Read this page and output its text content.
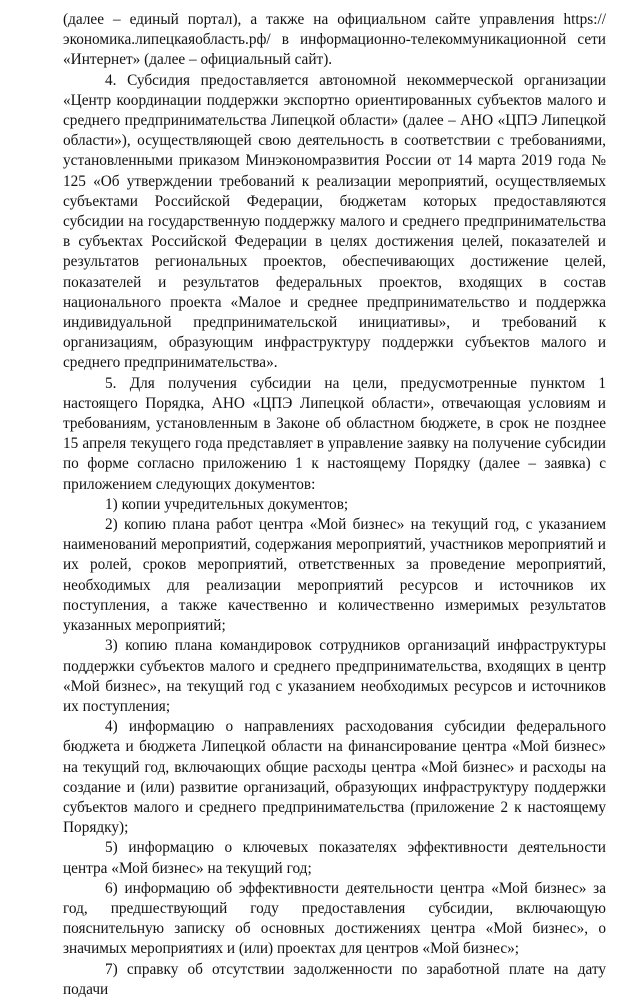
(далее – единый портал), а также на официальном сайте управления https://экономика.липецкаяобласть.рф/ в информационно-телекоммуникационной сети «Интернет» (далее – официальный сайт).

4. Субсидия предоставляется автономной некоммерческой организации «Центр координации поддержки экспортно ориентированных субъектов малого и среднего предпринимательства Липецкой области» (далее – АНО «ЦПЭ Липецкой области»), осуществляющей свою деятельность в соответствии с требованиями, установленными приказом Минэкономразвития России от 14 марта 2019 года № 125 «Об утверждении требований к реализации мероприятий, осуществляемых субъектами Российской Федерации, бюджетам которых предоставляются субсидии на государственную поддержку малого и среднего предпринимательства в субъектах Российской Федерации в целях достижения целей, показателей и результатов региональных проектов, обеспечивающих достижение целей, показателей и результатов федеральных проектов, входящих в состав национального проекта «Малое и среднее предпринимательство и поддержка индивидуальной предпринимательской инициативы», и требований к организациям, образующим инфраструктуру поддержки субъектов малого и среднего предпринимательства».

5. Для получения субсидии на цели, предусмотренные пунктом 1 настоящего Порядка, АНО «ЦПЭ Липецкой области», отвечающая условиям и требованиям, установленным в Законе об областном бюджете, в срок не позднее 15 апреля текущего года представляет в управление заявку на получение субсидии по форме согласно приложению 1 к настоящему Порядку (далее – заявка) с приложением следующих документов:

1) копии учредительных документов;

2) копию плана работ центра «Мой бизнес» на текущий год, с указанием наименований мероприятий, содержания мероприятий, участников мероприятий и их ролей, сроков мероприятий, ответственных за проведение мероприятий, необходимых для реализации мероприятий ресурсов и источников их поступления, а также качественно и количественно измеримых результатов указанных мероприятий;

3) копию плана командировок сотрудников организаций инфраструктуры поддержки субъектов малого и среднего предпринимательства, входящих в центр «Мой бизнес», на текущий год с указанием необходимых ресурсов и источников их поступления;

4) информацию о направлениях расходования субсидии федерального бюджета и бюджета Липецкой области на финансирование центра «Мой бизнес» на текущий год, включающих общие расходы центра «Мой бизнес» и расходы на создание и (или) развитие организаций, образующих инфраструктуру поддержки субъектов малого и среднего предпринимательства (приложение 2 к настоящему Порядку);

5) информацию о ключевых показателях эффективности деятельности центра «Мой бизнес» на текущий год;

6) информацию об эффективности деятельности центра «Мой бизнес» за год, предшествующий году предоставления субсидии, включающую пояснительную записку об основных достижениях центра «Мой бизнес», о значимых мероприятиях и (или) проектах для центров «Мой бизнес»;

7) справку об отсутствии задолженности по заработной плате на дату подачи
